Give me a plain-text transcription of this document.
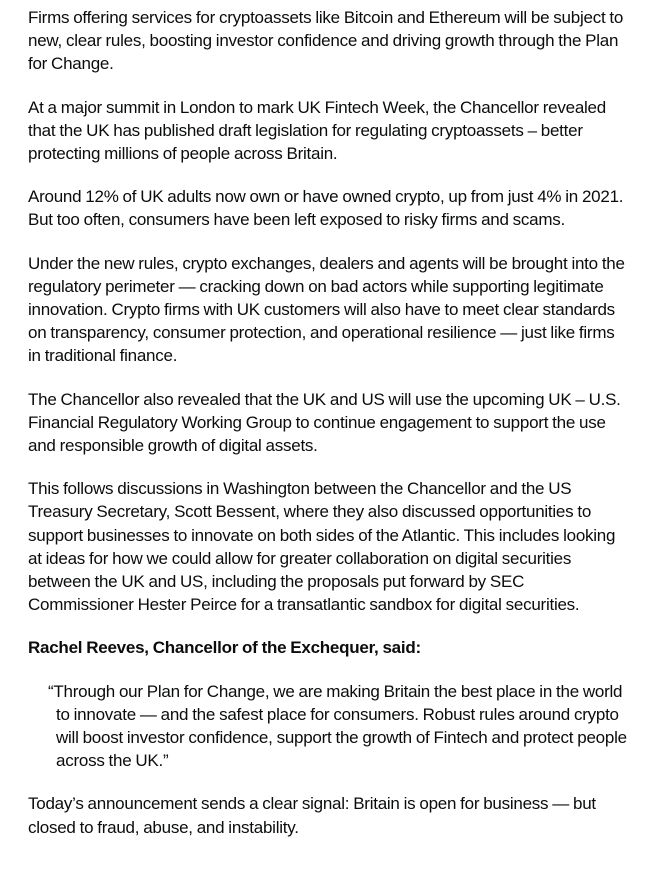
Firms offering services for cryptoassets like Bitcoin and Ethereum will be subject to new, clear rules, boosting investor confidence and driving growth through the Plan for Change.

At a major summit in London to mark UK Fintech Week, the Chancellor revealed that the UK has published draft legislation for regulating cryptoassets – better protecting millions of people across Britain.

Around 12% of UK adults now own or have owned crypto, up from just 4% in 2021. But too often, consumers have been left exposed to risky firms and scams.

Under the new rules, crypto exchanges, dealers and agents will be brought into the regulatory perimeter — cracking down on bad actors while supporting legitimate innovation. Crypto firms with UK customers will also have to meet clear standards on transparency, consumer protection, and operational resilience — just like firms in traditional finance.

The Chancellor also revealed that the UK and US will use the upcoming UK – U.S. Financial Regulatory Working Group to continue engagement to support the use and responsible growth of digital assets.

This follows discussions in Washington between the Chancellor and the US Treasury Secretary, Scott Bessent, where they also discussed opportunities to support businesses to innovate on both sides of the Atlantic. This includes looking at ideas for how we could allow for greater collaboration on digital securities between the UK and US, including the proposals put forward by SEC Commissioner Hester Peirce for a transatlantic sandbox for digital securities.

Rachel Reeves, Chancellor of the Exchequer, said:

“Through our Plan for Change, we are making Britain the best place in the world to innovate — and the safest place for consumers. Robust rules around crypto will boost investor confidence, support the growth of Fintech and protect people across the UK.”

Today’s announcement sends a clear signal: Britain is open for business — but closed to fraud, abuse, and instability.
